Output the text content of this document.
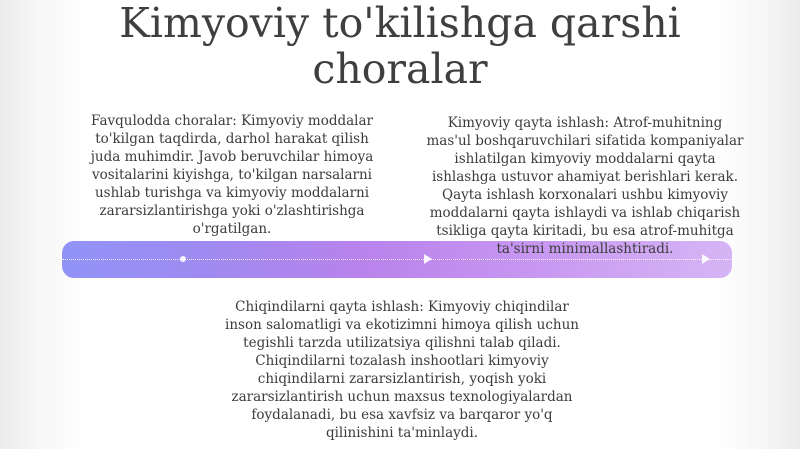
Kimyoviy to'kilishga qarshi choralar

Favqulodda choralar: Kimyoviy moddalar to'kilgan taqdirda, darhol harakat qilish juda muhimdir. Javob beruvchilar himoya vositalarini kiyishga, to'kilgan narsalarni ushlab turishga va kimyoviy moddalarni zararsizlantirishga yoki o'zlashtirishga o'rgatilgan.

Kimyoviy qayta ishlash: Atrof-muhitning mas'ul boshqaruvchilari sifatida kompaniyalar ishlatilgan kimyoviy moddalarni qayta ishlashga ustuvor ahamiyat berishlari kerak. Qayta ishlash korxonalari ushbu kimyoviy moddalarni qayta ishlaydi va ishlab chiqarish tsikliga qayta kiritadi, bu esa atrof-muhitga ta'sirni minimallashtiradi.

Chiqindilarni qayta ishlash: Kimyoviy chiqindilar inson salomatligi va ekotizimni himoya qilish uchun tegishli tarzda utilizatsiya qilishni talab qiladi. Chiqindilarni tozalash inshootlari kimyoviy chiqindilarni zararsizlantirish, yoqish yoki zararsizlantirish uchun maxsus texnologiyalardan foydalanadi, bu esa xavfsiz va barqaror yo'q qilinishini ta'minlaydi.
